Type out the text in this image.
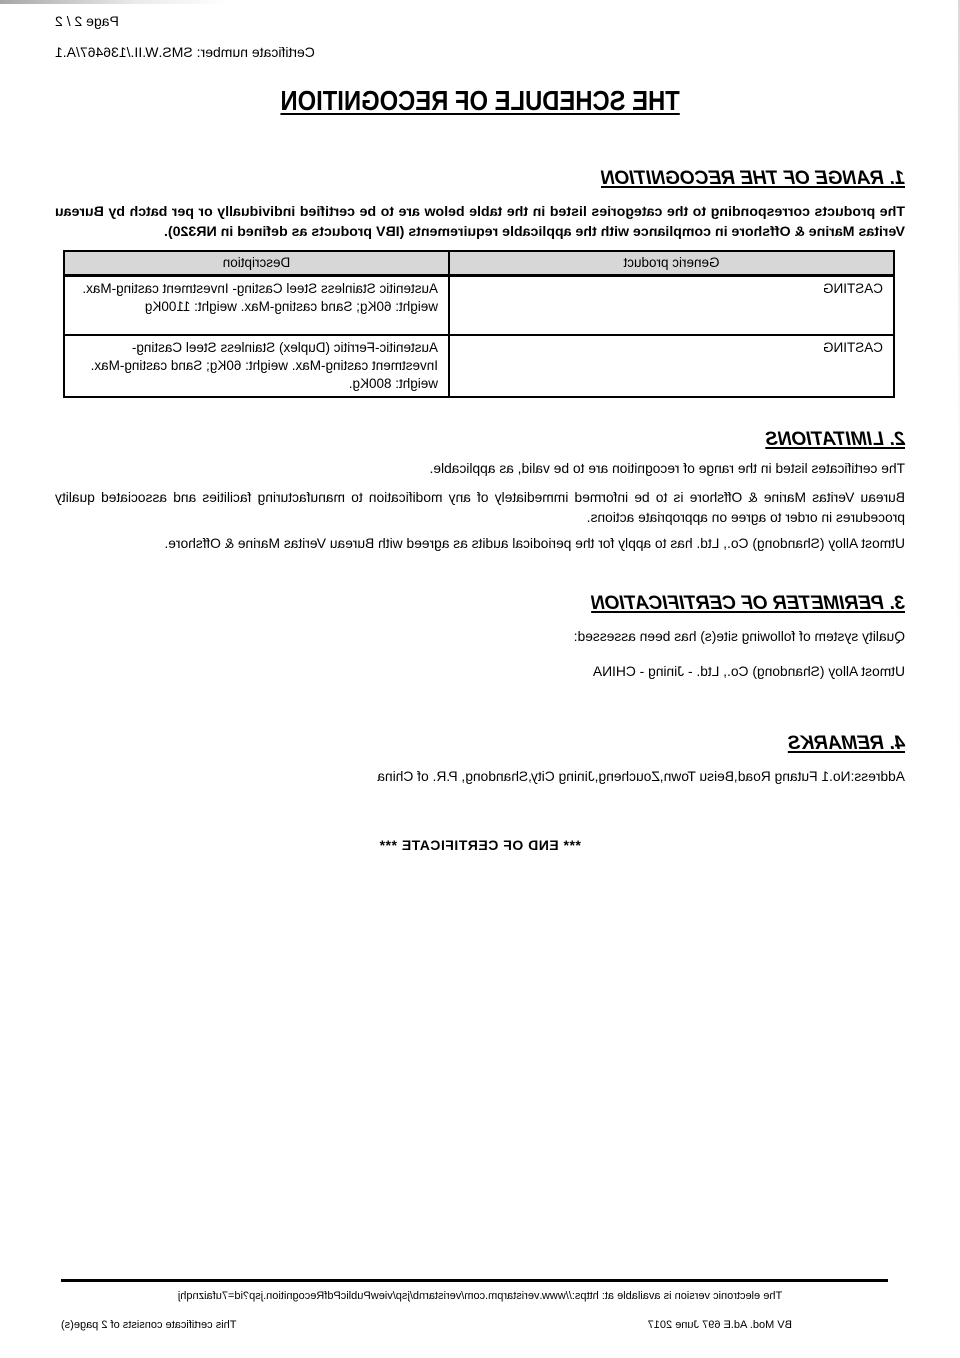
Page 2 / 2
Certificate number: SMS.W.II./136467/A.1
THE SCHEDULE OF RECOGNITION
1. RANGE OF THE RECOGNITION

The products corresponding to the categories listed in the table below are to be certified individually or per batch by Bureau Veritas Marine & Offshore in compliance with the applicable requirements (IBV products as defined in NR320).

Generic product	Description
CASTING	Austenitic Stainless Steel Casting- Investment casting-Max. weight: 60Kg; Sand casting-Max. weight: 1100Kg
CASTING	Austenitic-Ferritic (Duplex) Stainless Steel Casting- Investment casting-Max. weight: 60Kg; Sand casting-Max. weight: 800Kg.
2. LIMITATIONS

The certificates listed in the range of recognition are to be valid, as applicable.

Bureau Veritas Marine & Offshore is to be informed immediately of any modification to manufacturing facilities and associated quality procedures in order to agree on appropriate actions.

Utmost Alloy (Shandong) Co., Ltd. has to apply for the periodical audits as agreed with Bureau Veritas Marine & Offshore.

3. PERIMETER OF CERTIFICATION

Quality system of following site(s) has been assessed:

Utmost Alloy (Shandong) Co., Ltd. - Jining - CHINA

4. REMARKS

Address:No.1 Futang Road,Beisu Town,Zoucheng,Jining City,Shandong, P.R. of China

*** END OF CERTIFICATE ***
The electronic version is available at: https://www.veristarpm.com/veristarnb/jsp/viewPublicPdfRecognition.jsp?id=7ufaiznqhj
BV Mod. Ad.E 697 June 2017
This certificate consists of 2 page(s)
